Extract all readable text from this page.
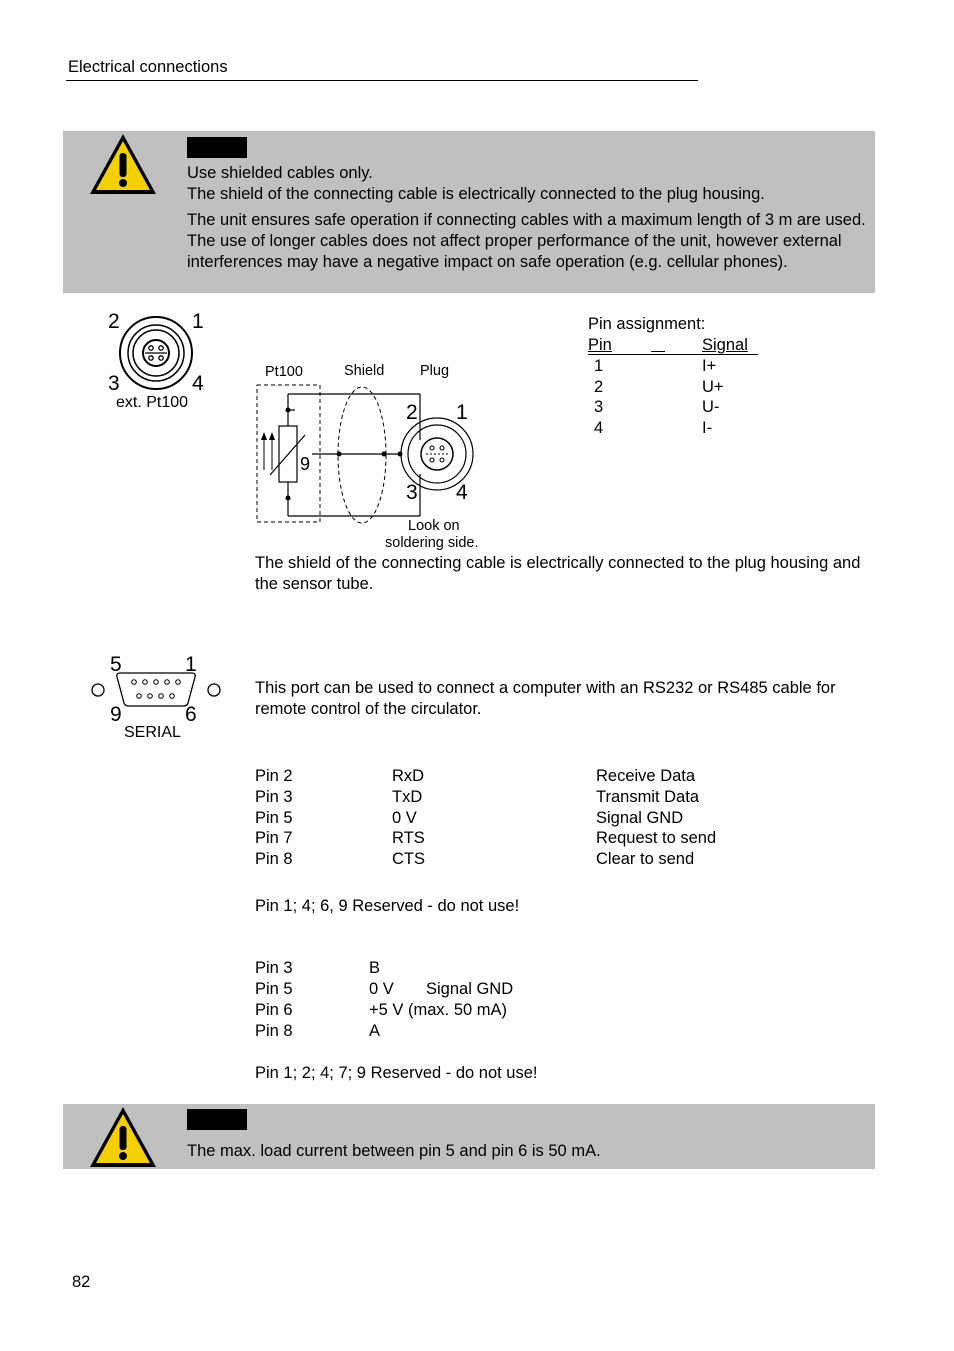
Electrical connections
Use shielded cables only.
The shield of the connecting cable is electrically connected to the plug housing.
The unit ensures safe operation if connecting cables with a maximum length of 3 m are used. The use of longer cables does not affect proper performance of the unit, however external interferences may have a negative impact on safe operation (e.g. cellular phones).
2	1
3	4
ext. Pt100
Pt100	Shield Plug
9
2 1
3 4
Look on
soldering side.
Pin assignment:
Pin
	Signal
1	I+
2	U+
3	U-
4	I-
The shield of the connecting cable is electrically connected to the plug housing and the sensor tube.
5	1
9	6
SERIAL
This port can be used to connect a computer with an RS232 or RS485 cable for remote control of the circulator.
Pin 2	RxD	Receive Data
Pin 3	TxD	Transmit Data
Pin 5	0 V	Signal GND
Pin 7	RTS	Request to send
Pin 8	CTS	Clear to send
Pin 1; 4; 6, 9 Reserved - do not use!
Pin 3	B
Pin 5	0 V Signal GND
Pin 6	+5 V (max. 50 mA)
Pin 8	A
Pin 1; 2; 4; 7; 9 Reserved - do not use!
The max. load current between pin 5 and pin 6 is 50 mA.
82
